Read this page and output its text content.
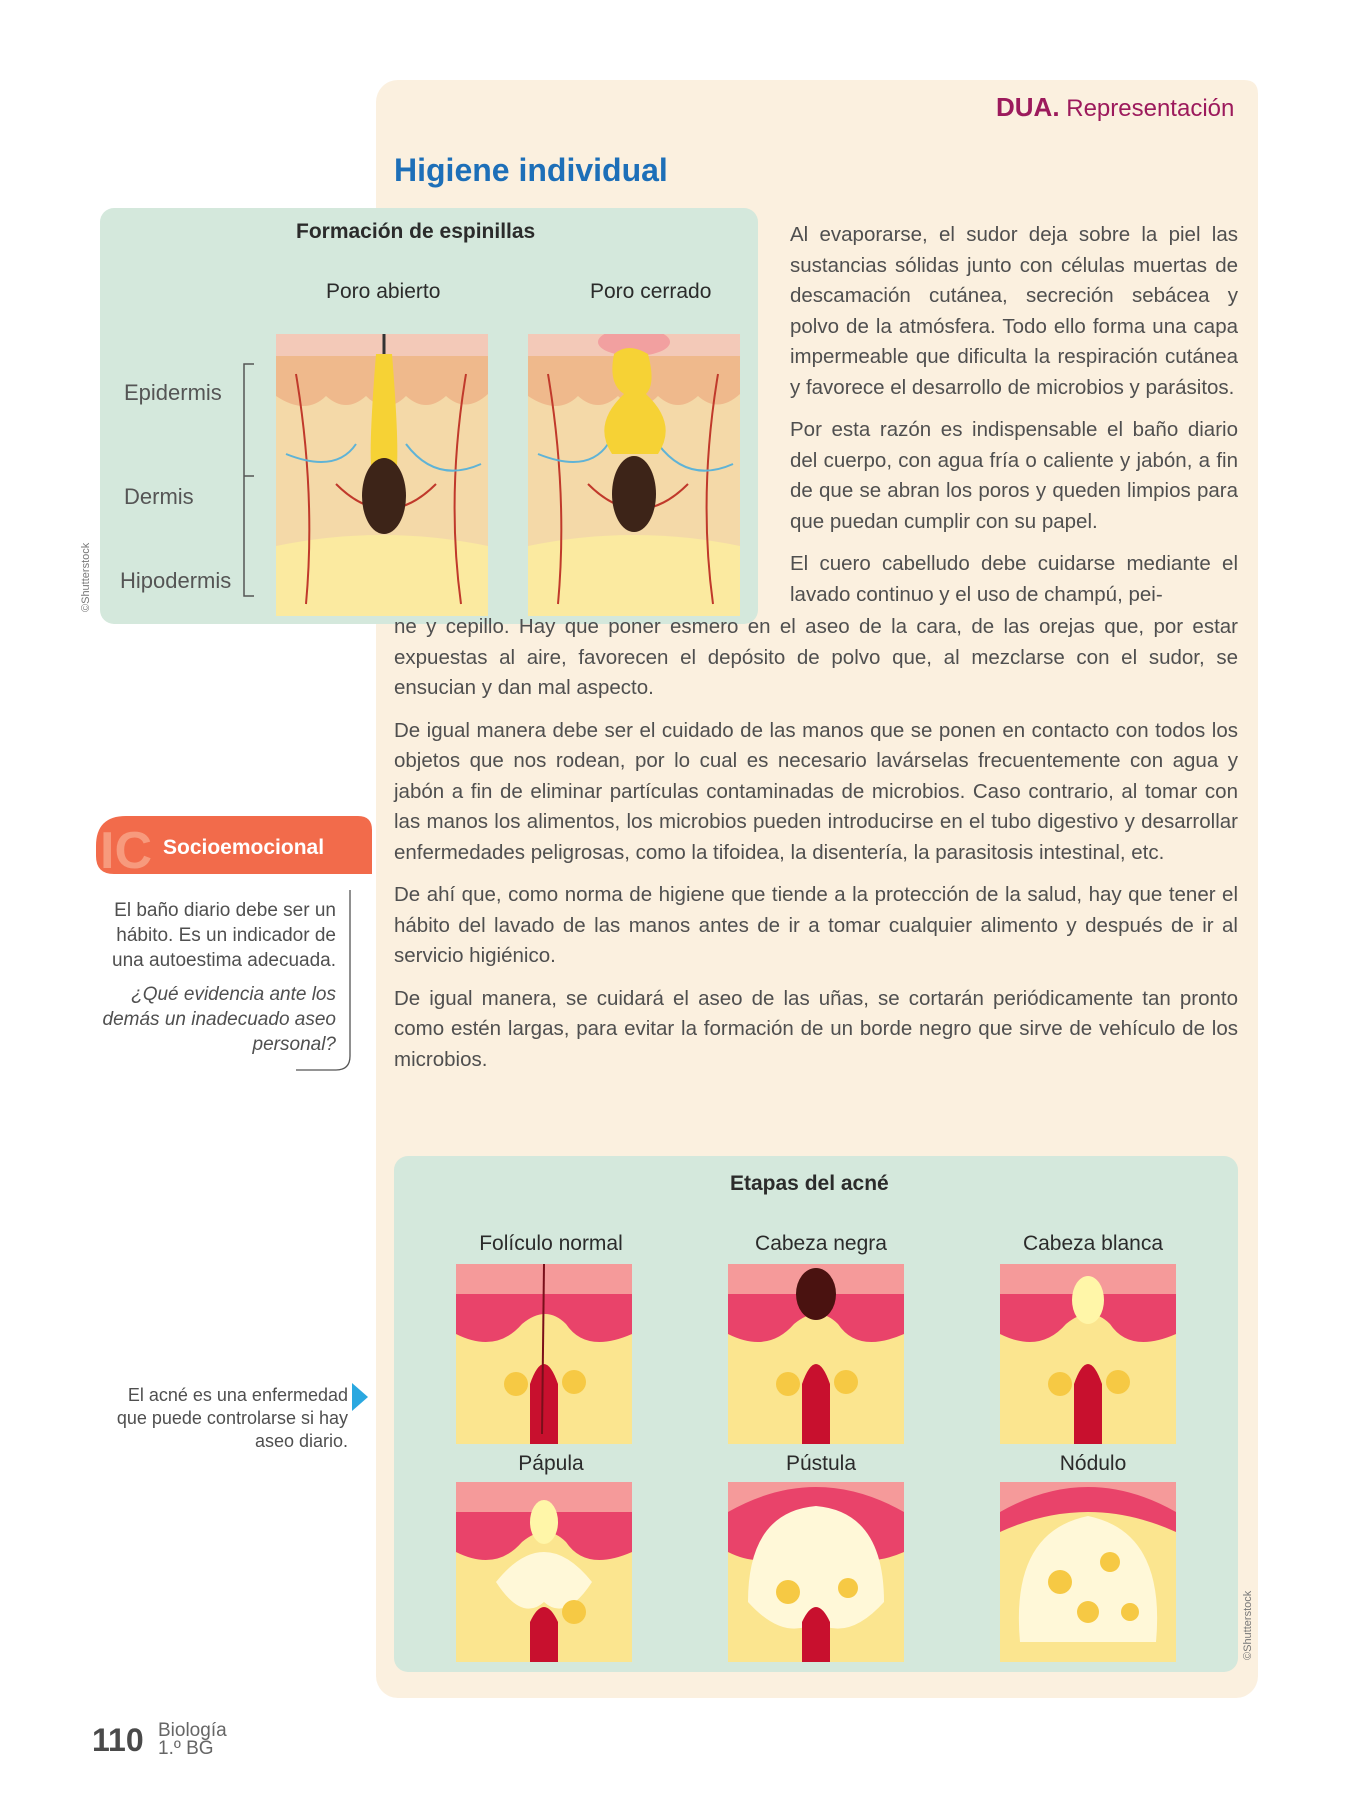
DUA. Representación
Higiene individual
Formación de espinillas
Poro abierto	Poro cerrado
Epidermis
Dermis
Hipodermis
©Shutterstock

Al evaporarse, el sudor deja sobre la piel las sustancias sólidas junto con células muertas de descamación cutánea, secreción sebácea y polvo de la atmósfera. Todo ello forma una capa impermeable que dificulta la respiración cutánea y favorece el desarrollo de microbios y parásitos.

Por esta razón es indispensable el baño diario del cuerpo, con agua fría o caliente y jabón, a fin de que se abran los poros y queden limpios para que puedan cumplir con su papel.

El cuero cabelludo debe cuidarse mediante el lavado continuo y el uso de champú, pei-

ne y cepillo. Hay que poner esmero en el aseo de la cara, de las orejas que, por estar expuestas al aire, favorecen el depósito de polvo que, al mezclarse con el sudor, se ensucian y dan mal aspecto.

De igual manera debe ser el cuidado de las manos que se ponen en contacto con todos los objetos que nos rodean, por lo cual es necesario lavárselas frecuentemente con agua y jabón a fin de eliminar partículas contaminadas de microbios. Caso contrario, al tomar con las manos los alimentos, los microbios pueden introducirse en el tubo digestivo y desarrollar enfermedades peligrosas, como la tifoidea, la disentería, la parasitosis intestinal, etc.

De ahí que, como norma de higiene que tiende a la protección de la salud, hay que tener el hábito del lavado de las manos antes de ir a tomar cualquier alimento y después de ir al servicio higiénico.

De igual manera, se cuidará el aseo de las uñas, se cortarán periódicamente tan pronto como estén largas, para evitar la formación de un borde negro que sirve de vehículo de los microbios.

IC Socioemocional
El baño diario debe ser un hábito. Es un indicador de una autoestima adecuada.
¿Qué evidencia ante los demás un inadecuado aseo personal?
El acné es una enfermedad que puede controlarse si hay aseo diario.
Etapas del acné
Folículo normal	Cabeza negra	Cabeza blanca
Pápula	Pústula	Nódulo
©Shutterstock
110 Biología
1.º BG
